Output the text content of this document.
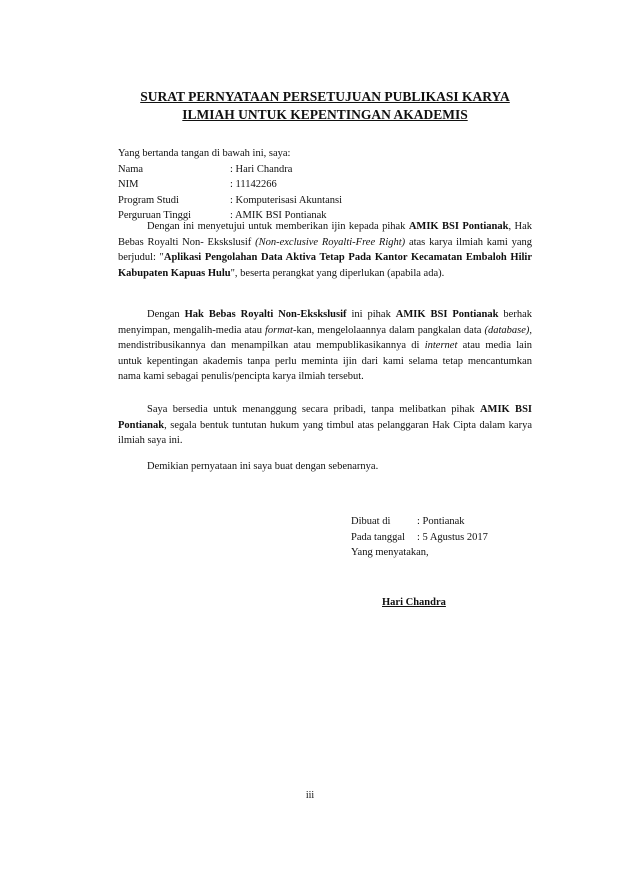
SURAT PERNYATAAN PERSETUJUAN PUBLIKASI KARYA
ILMIAH UNTUK KEPENTINGAN AKADEMIS
Yang bertanda tangan di bawah ini, saya:
Nama	: Hari Chandra
NIM	: 11142266
Program Studi	: Komputerisasi Akuntansi
Perguruan Tinggi	: AMIK BSI Pontianak

Dengan ini menyetujui untuk memberikan ijin kepada pihak AMIK BSI Pontianak, Hak Bebas Royalti Non- Ekskslusif (Non-exclusive Royalti-Free Right) atas karya ilmiah kami yang berjudul: "Aplikasi Pengolahan Data Aktiva Tetap Pada Kantor Kecamatan Embaloh Hilir Kabupaten Kapuas Hulu", beserta perangkat yang diperlukan (apabila ada).

Dengan Hak Bebas Royalti Non-Ekskslusif ini pihak AMIK BSI Pontianak berhak menyimpan, mengalih-media atau format-kan, mengelolaannya dalam pangkalan data (database), mendistribusikannya dan menampilkan atau mempublikasikannya di internet atau media lain untuk kepentingan akademis tanpa perlu meminta ijin dari kami selama tetap mencantumkan nama kami sebagai penulis/pencipta karya ilmiah tersebut.

Saya bersedia untuk menanggung secara pribadi, tanpa melibatkan pihak AMIK BSI Pontianak, segala bentuk tuntutan hukum yang timbul atas pelanggaran Hak Cipta dalam karya ilmiah saya ini.

Demikian pernyataan ini saya buat dengan sebenarnya.

Dibuat di	: Pontianak
Pada tanggal	: 5 Agustus 2017
Yang menyatakan,
Hari Chandra
iii
